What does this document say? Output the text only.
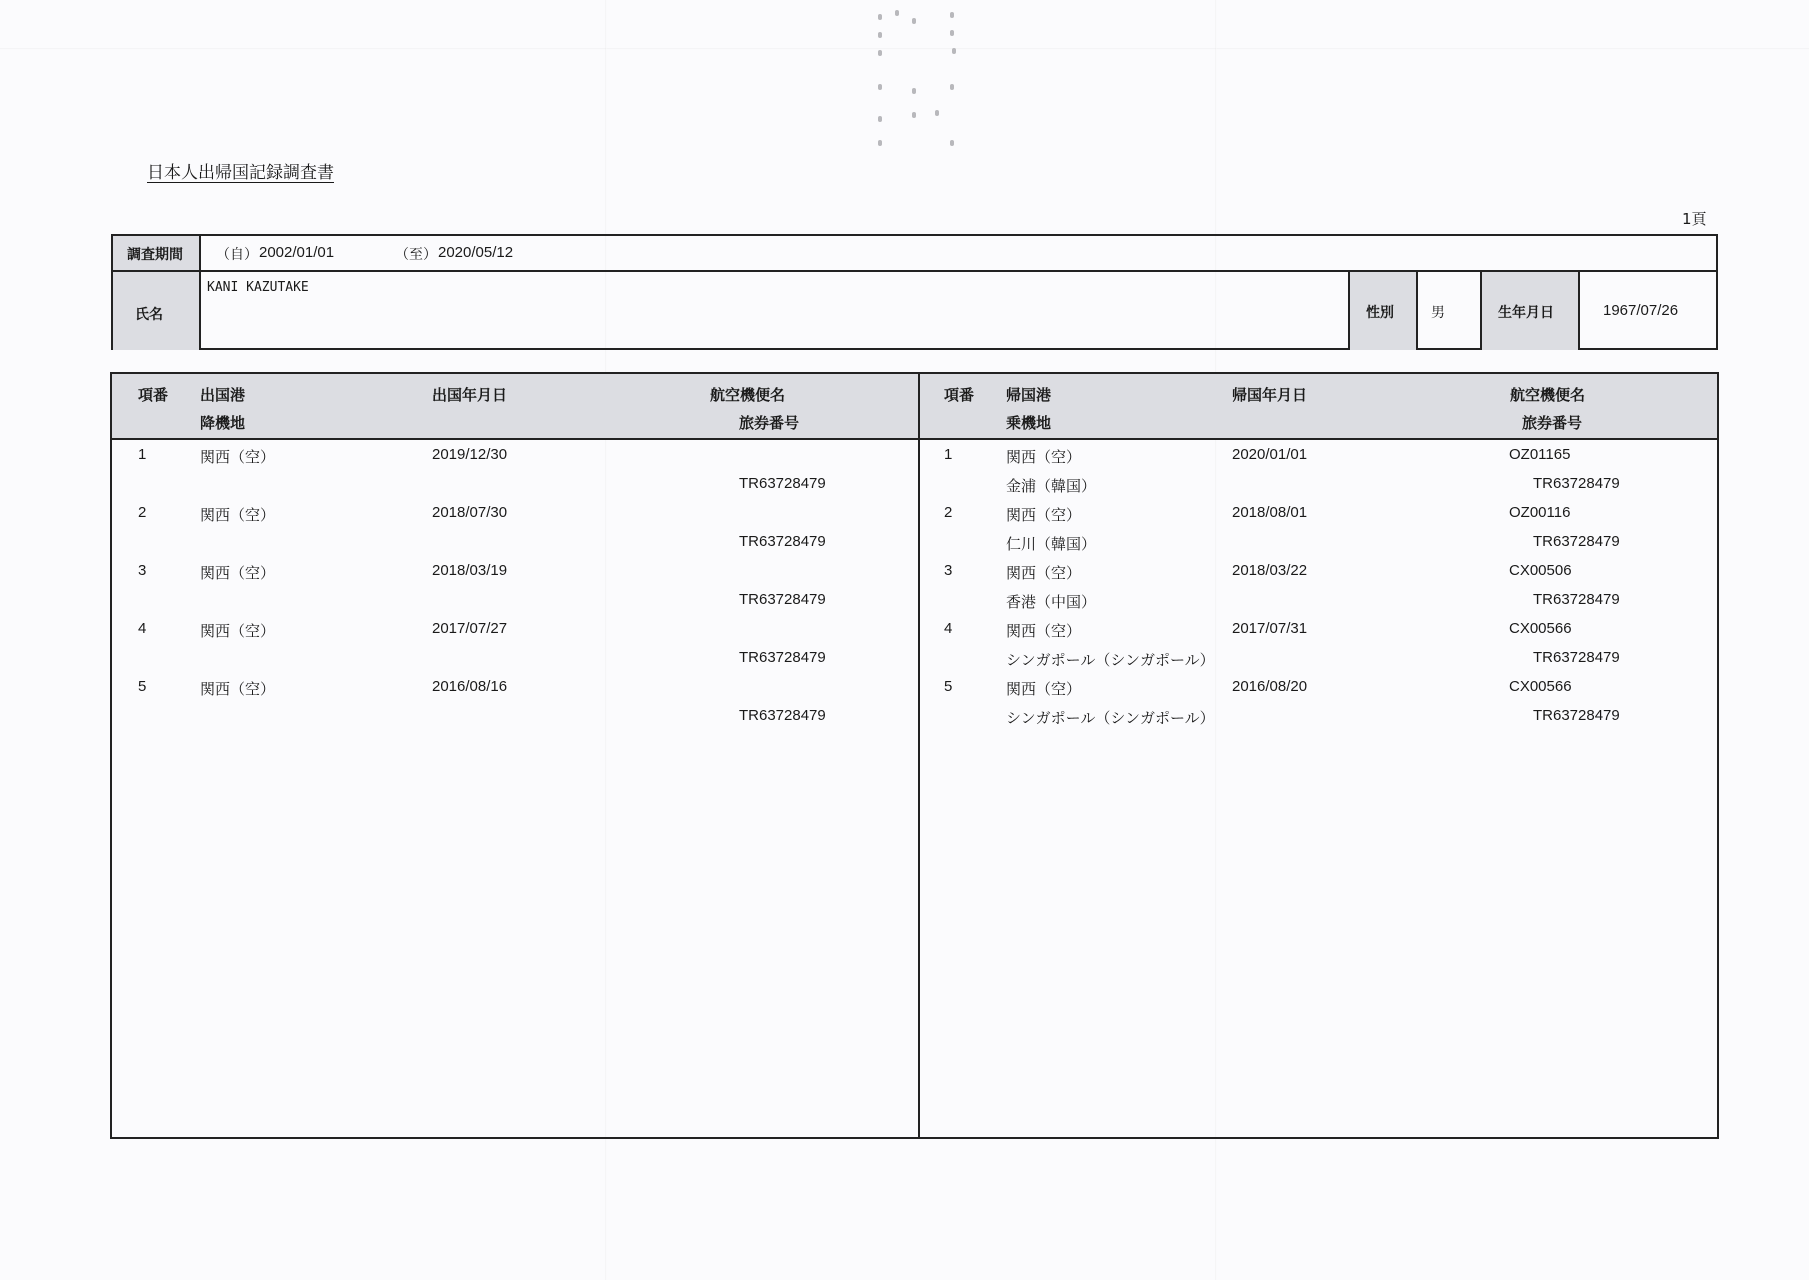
日本人出帰国記録調査書
1頁
調査期間 （自） 2002/01/01	（至） 2020/05/12
氏名
KANI KAZUTAKE
性別	男	生年月日	1967/07/26
項番 出国港
降機地
出国年月日	航空機便名
旅券番号
項番 帰国港
乗機地
帰国年月日	航空機便名
旅券番号
1	関西（空）	2019/12/30
TR63728479
1	関西（空）
金浦（韓国）
2020/01/01	OZ01165
TR63728479
2	関西（空）	2018/07/30
TR63728479
2	関西（空）
仁川（韓国）
2018/08/01	OZ00116
TR63728479
3	関西（空）	2018/03/19
TR63728479
3	関西（空）
香港（中国）
2018/03/22	CX00506
TR63728479
4	関西（空）	2017/07/27
TR63728479
4	関西（空）
シンガポール（シンガポール）
2017/07/31	CX00566
TR63728479
5	関西（空）	2016/08/16
TR63728479
5	関西（空）
シンガポール（シンガポール）
2016/08/20	CX00566
TR63728479
